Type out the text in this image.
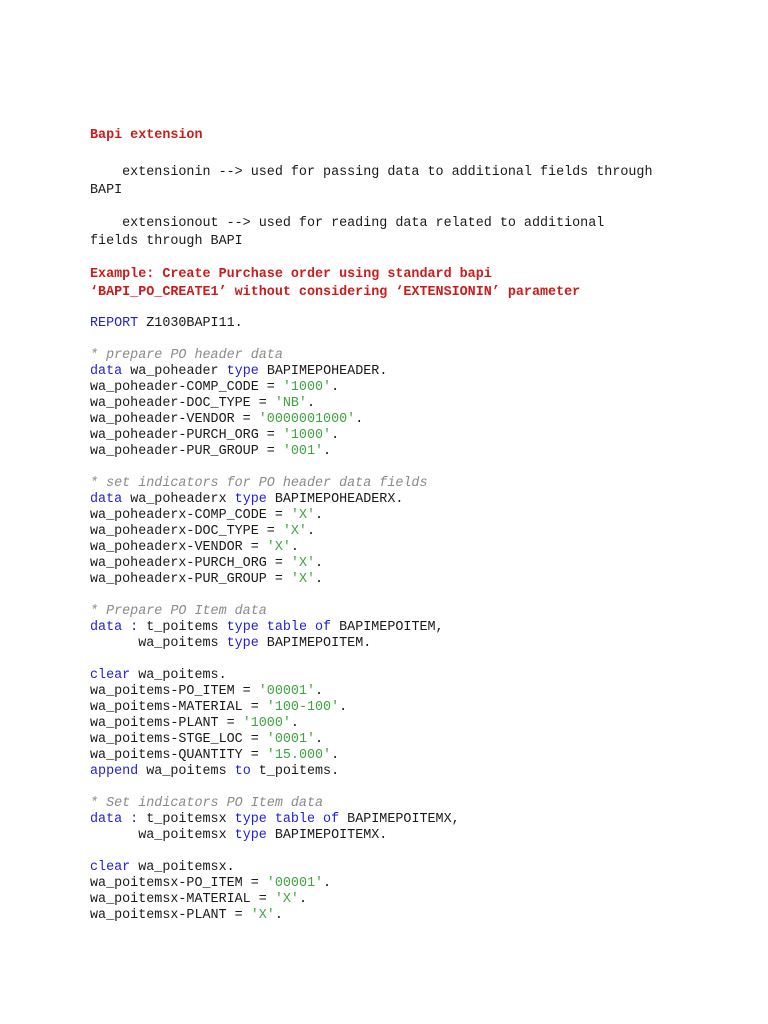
Bapi extension
extensionin --> used for passing data to additional fields through
BAPI
extensionout --> used for reading data related to additional
fields through BAPI
Example: Create Purchase order using standard bapi
‘BAPI_PO_CREATE1’ without considering ‘EXTENSIONIN’ parameter
REPORT Z1030BAPI11.
* prepare PO header data
data wa_poheader type BAPIMEPOHEADER.
wa_poheader-COMP_CODE = '1000'.
wa_poheader-DOC_TYPE = 'NB'.
wa_poheader-VENDOR = '0000001000'.
wa_poheader-PURCH_ORG = '1000'.
wa_poheader-PUR_GROUP = '001'.
* set indicators for PO header data fields
data wa_poheaderx type BAPIMEPOHEADERX.
wa_poheaderx-COMP_CODE = 'X'.
wa_poheaderx-DOC_TYPE = 'X'.
wa_poheaderx-VENDOR = 'X'.
wa_poheaderx-PURCH_ORG = 'X'.
wa_poheaderx-PUR_GROUP = 'X'.
* Prepare PO Item data
data : t_poitems type table of BAPIMEPOITEM,
wa_poitems type BAPIMEPOITEM.
clear wa_poitems.
wa_poitems-PO_ITEM = '00001'.
wa_poitems-MATERIAL = '100-100'.
wa_poitems-PLANT = '1000'.
wa_poitems-STGE_LOC = '0001'.
wa_poitems-QUANTITY = '15.000'.
append wa_poitems to t_poitems.
* Set indicators PO Item data
data : t_poitemsx type table of BAPIMEPOITEMX,
wa_poitemsx type BAPIMEPOITEMX.
clear wa_poitemsx.
wa_poitemsx-PO_ITEM = '00001'.
wa_poitemsx-MATERIAL = 'X'.
wa_poitemsx-PLANT = 'X'.
